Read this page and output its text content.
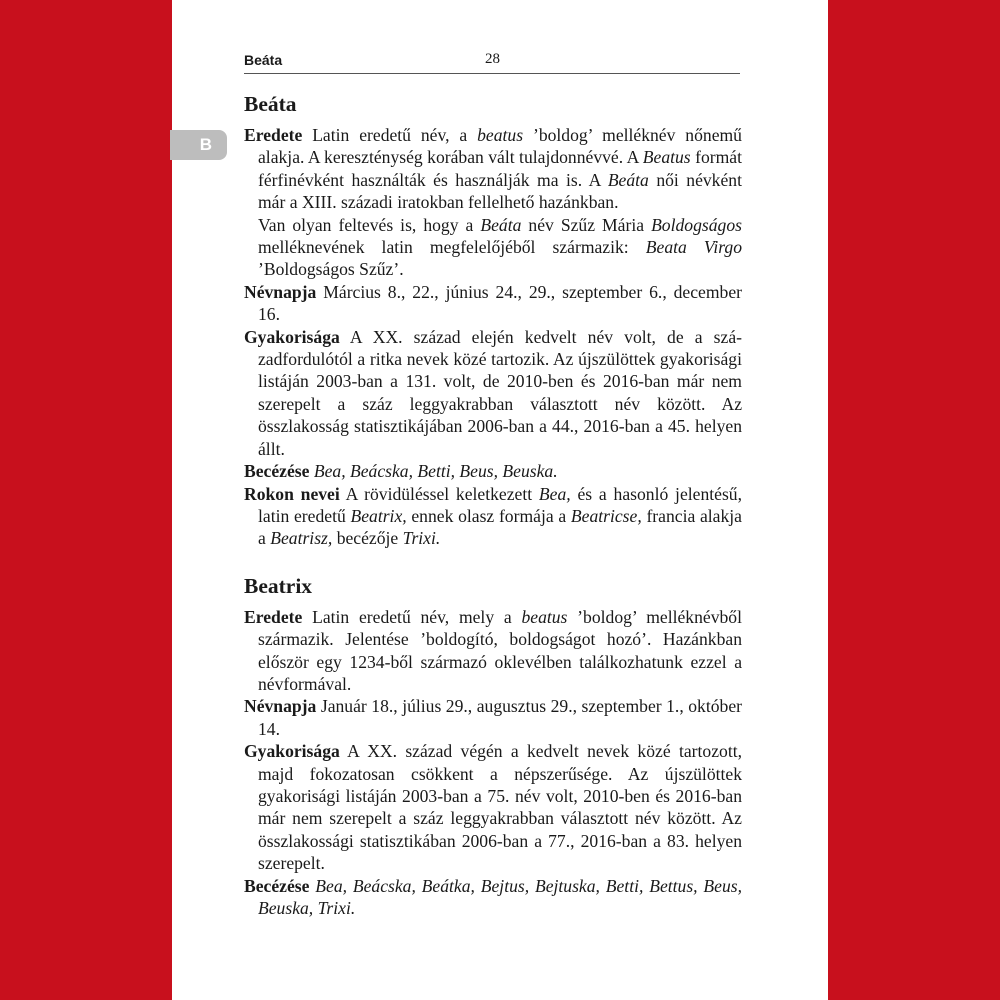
Beáta	28
B
Beáta

Eredete Latin eredetű név, a beatus ’boldog’ melléknév nőnemű alakja. A kereszténység korában vált tulajdonnévvé. A Beatus formát férfinévként használták és használják ma is. A Beáta női névként már a XIII. századi iratokban fellelhető hazánkban.
Van olyan feltevés is, hogy a Beáta név Szűz Mária Boldogságos melléknevének latin megfelelőjéből származik: Beata Virgo ’Boldogságos Szűz’.

Névnapja Március 8., 22., június 24., 29., szeptember 6., december 16.

Gyakorisága A XX. század elején kedvelt név volt, de a századfordulótól a ritka nevek közé tartozik. Az újszülöttek gyakorisági listáján 2003-ban a 131. volt, de 2010-ben és 2016-ban már nem szerepelt a száz leggyakrabban választott név között. Az összlakosság statisztikájában 2006-ban a 44., 2016-ban a 45. helyen állt.

Becézése Bea, Beácska, Betti, Beus, Beuska.

Rokon nevei A rövidüléssel keletkezett Bea, és a hasonló jelentésű, latin eredetű Beatrix, ennek olasz formája a Beatricse, francia alakja a Beatrisz, becézője Trixi.

Beatrix

Eredete Latin eredetű név, mely a beatus ’boldog’ melléknévből származik. Jelentése ’boldogító, boldogságot hozó’. Hazánkban először egy 1234-ből származó oklevélben találkozhatunk ezzel a névformával.

Névnapja Január 18., július 29., augusztus 29., szeptember 1., október 14.

Gyakorisága A XX. század végén a kedvelt nevek közé tartozott, majd fokozatosan csökkent a népszerűsége. Az újszülöttek gyakorisági listáján 2003-ban a 75. név volt, 2010-ben és 2016-ban már nem szerepelt a száz leggyakrabban választott név között. Az összlakossági statisztikában 2006-ban a 77., 2016-ban a 83. helyen szerepelt.

Becézése Bea, Beácska, Beátka, Bejtus, Bejtuska, Betti, Bettus, Beus, Beuska, Trixi.
